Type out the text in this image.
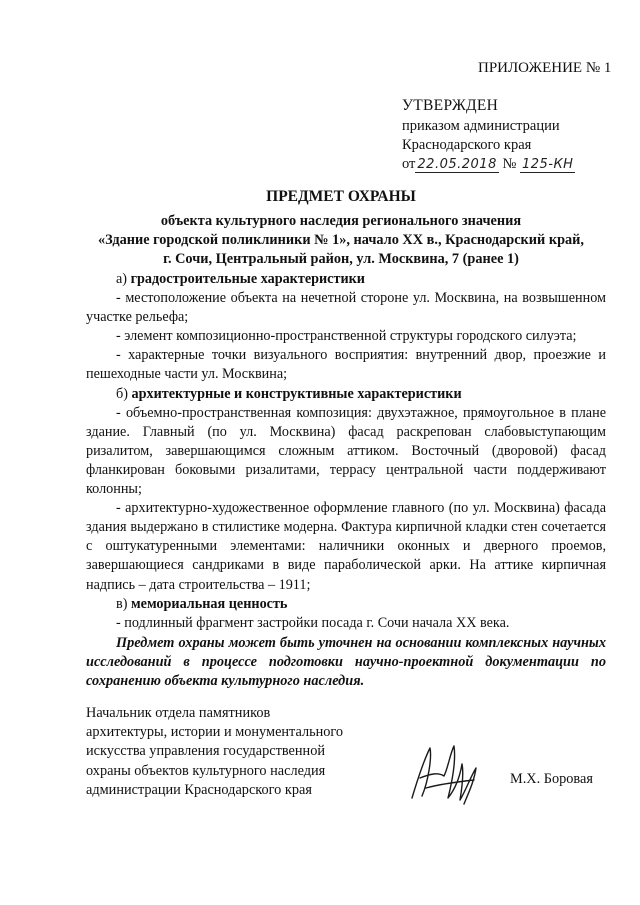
ПРИЛОЖЕНИЕ № 1
УТВЕРЖДЕН
приказом администрации
Краснодарского края
от 22.05.2018 № 125-КН
ПРЕДМЕТ ОХРАНЫ
объекта культурного наследия регионального значения
«Здание городской поликлиники № 1», начало XX в., Краснодарский край,
г. Сочи, Центральный район, ул. Москвина, 7 (ранее 1)

а) градостроительные характеристики

- местоположение объекта на нечетной стороне ул. Москвина, на возвышенном участке рельефа;

- элемент композиционно-пространственной структуры городского силуэта;

- характерные точки визуального восприятия: внутренний двор, проезжие и пешеходные части ул. Москвина;

б) архитектурные и конструктивные характеристики

- объемно-пространственная композиция: двухэтажное, прямоугольное в плане здание. Главный (по ул. Москвина) фасад раскрепован слабовыступающим ризалитом, завершающимся сложным аттиком. Восточный (дворовой) фасад фланкирован боковыми ризалитами, террасу центральной части поддерживают колонны;

- архитектурно-художественное оформление главного (по ул. Москвина) фасада здания выдержано в стилистике модерна. Фактура кирпичной кладки стен сочетается с оштукатуренными элементами: наличники оконных и дверного проемов, завершающиеся сандриками в виде параболической арки. На аттике кирпичная надпись – дата строительства – 1911;

в) мемориальная ценность

- подлинный фрагмент застройки посада г. Сочи начала XX века.

Предмет охраны может быть уточнен на основании комплексных научных исследований в процессе подготовки научно-проектной документации по сохранению объекта культурного наследия.

Начальник отдела памятников

архитектуры, истории и монументального

искусства управления государственной

охраны объектов культурного наследия

администрации Краснодарского края

М.Х. Боровая
